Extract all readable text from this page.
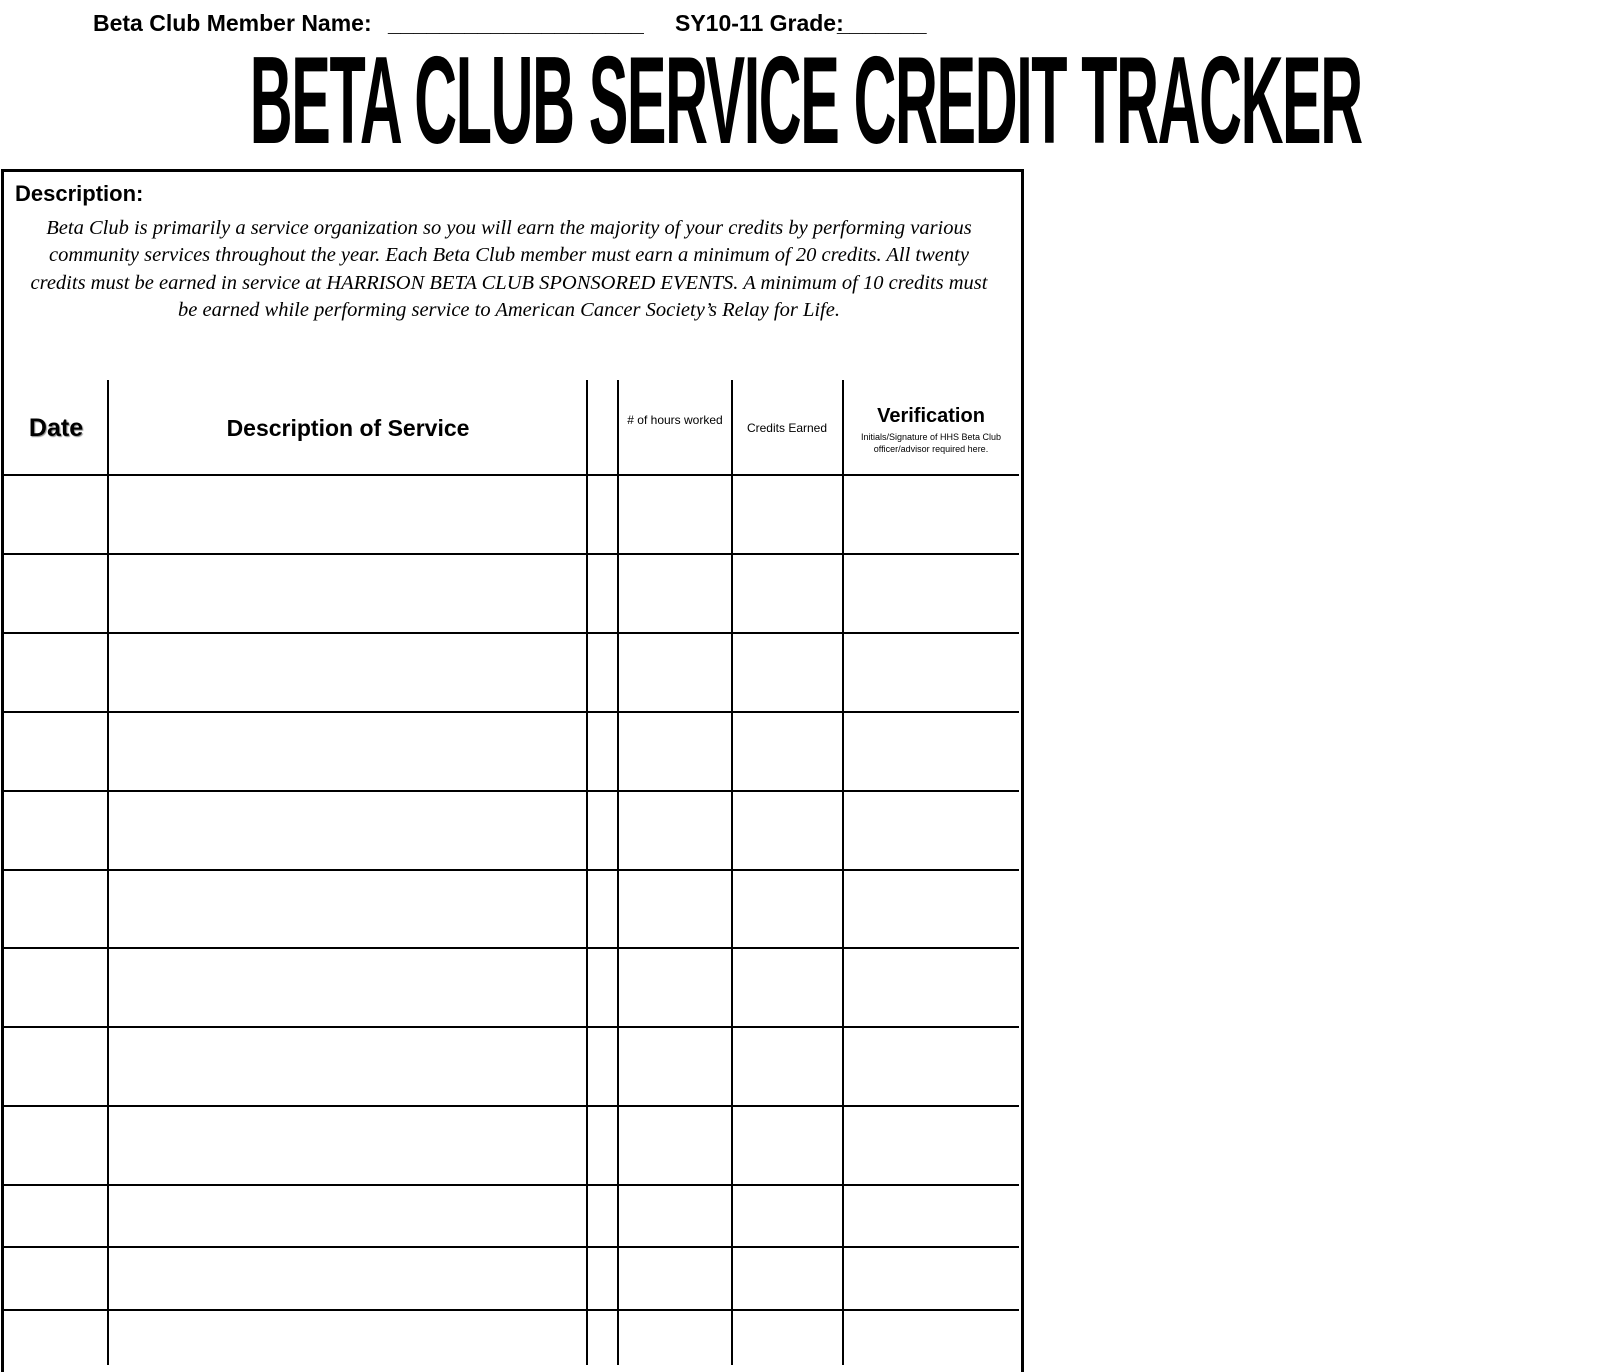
Beta Club Member Name: ____________________ SY10-11 Grade:
_______
BETA CLUB SERVICE CREDIT TRACKER
Description:
Beta Club is primarily a service organization so you will earn the majority of your credits by performing various community services throughout the year. Each Beta Club member must earn a minimum of 20 credits. All twenty credits must be earned in service at HARRISON BETA CLUB SPONSORED EVENTS. A minimum of 10 credits must be earned while performing service to American Cancer Society’s Relay for Life.
Date	Description of Service	# of hours worked
Credits Earned
Verification
Initials/Signature of HHS Beta Club officer/advisor required here.
